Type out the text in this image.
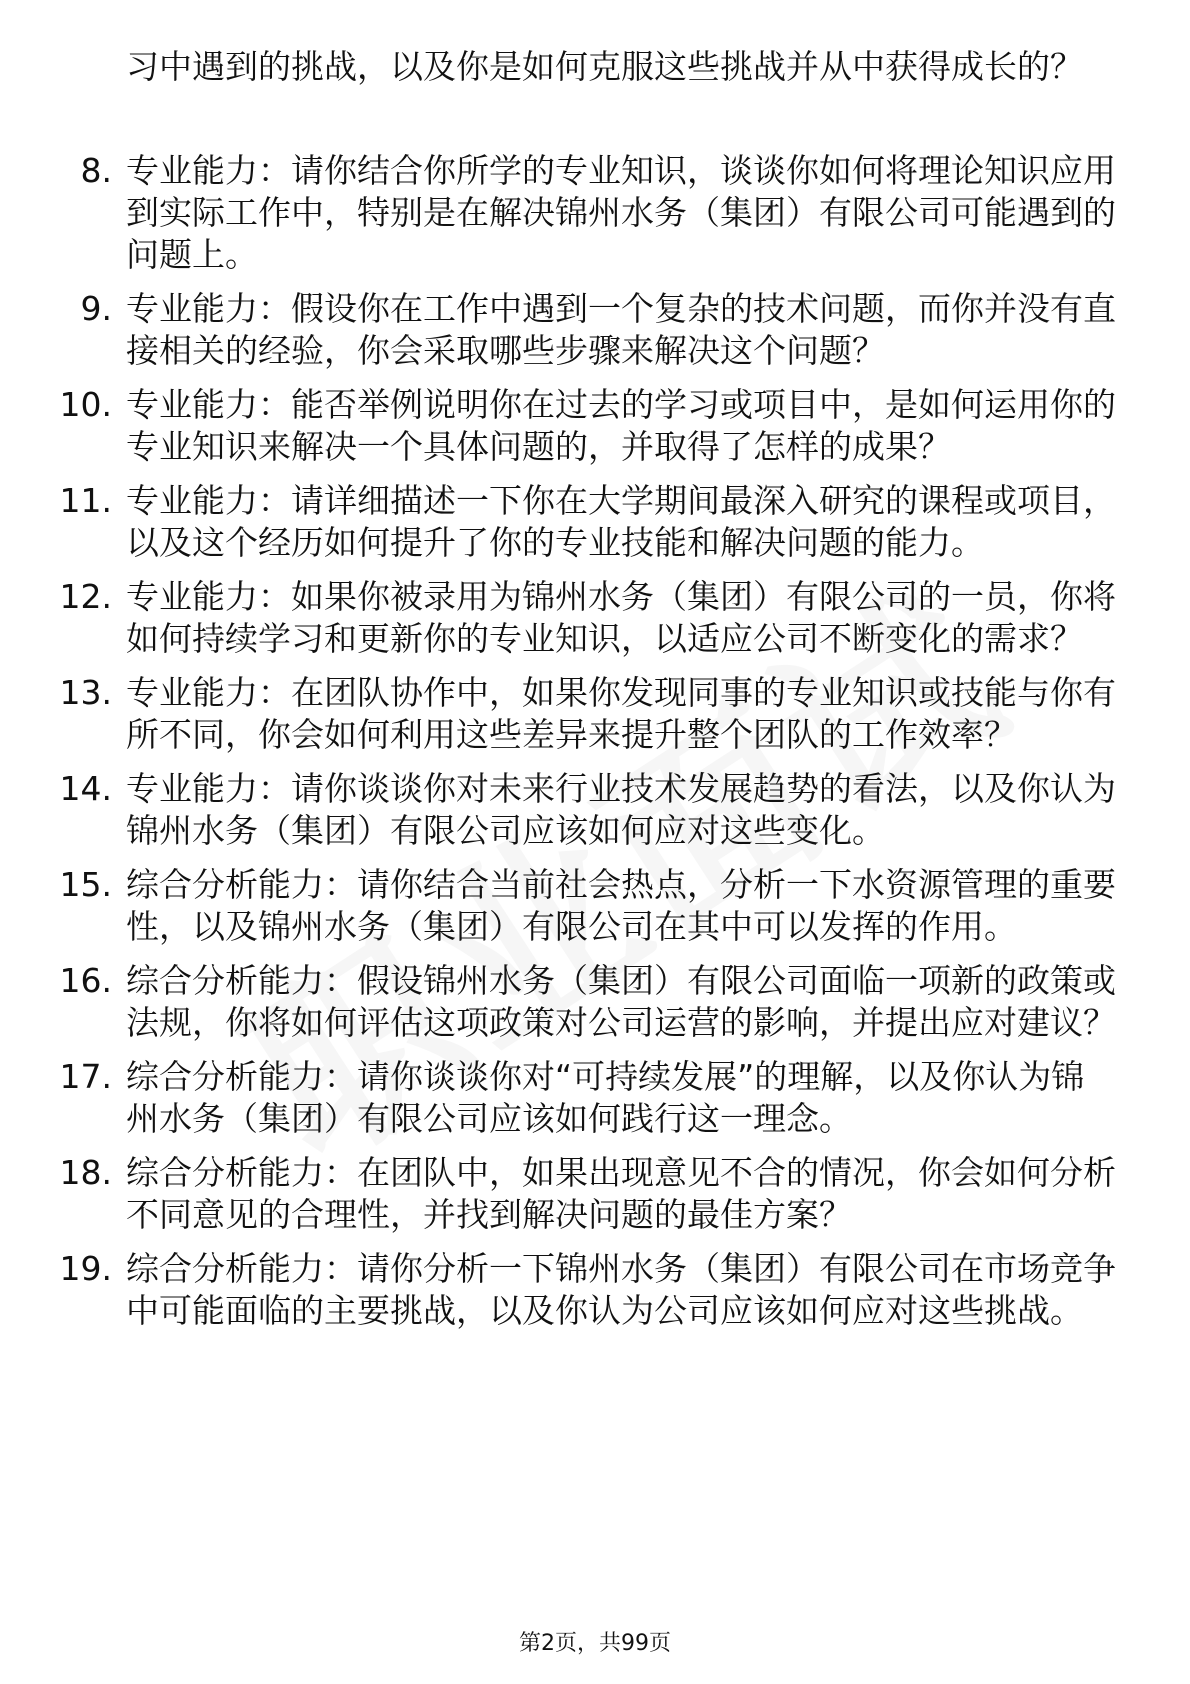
习中遇到的挑战，以及你是如何克服这些挑战并从中获得成长的？

8. 专业能力：请你结合你所学的专业知识，谈谈你如何将理论知识应用到实际工作中，特别是在解决锦州水务（集团）有限公司可能遇到的问题上。
9. 专业能力：假设你在工作中遇到一个复杂的技术问题，而你并没有直接相关的经验，你会采取哪些步骤来解决这个问题？
10. 专业能力：能否举例说明你在过去的学习或项目中，是如何运用你的专业知识来解决一个具体问题的，并取得了怎样的成果？
11. 专业能力：请详细描述一下你在大学期间最深入研究的课程或项目，以及这个经历如何提升了你的专业技能和解决问题的能力。
12. 专业能力：如果你被录用为锦州水务（集团）有限公司的一员，你将如何持续学习和更新你的专业知识，以适应公司不断变化的需求？
13. 专业能力：在团队协作中，如果你发现同事的专业知识或技能与你有所不同，你会如何利用这些差异来提升整个团队的工作效率？
14. 专业能力：请你谈谈你对未来行业技术发展趋势的看法，以及你认为锦州水务（集团）有限公司应该如何应对这些变化。
15. 综合分析能力：请你结合当前社会热点，分析一下水资源管理的重要性，以及锦州水务（集团）有限公司在其中可以发挥的作用。
16. 综合分析能力：假设锦州水务（集团）有限公司面临一项新的政策或法规，你将如何评估这项政策对公司运营的影响，并提出应对建议？
17. 综合分析能力：请你谈谈你对“可持续发展”的理解，以及你认为锦州水务（集团）有限公司应该如何践行这一理念。
18. 综合分析能力：在团队中，如果出现意见不合的情况，你会如何分析不同意见的合理性，并找到解决问题的最佳方案？
19. 综合分析能力：请你分析一下锦州水务（集团）有限公司在市场竞争中可能面临的主要挑战，以及你认为公司应该如何应对这些挑战。
第2页，共99页
